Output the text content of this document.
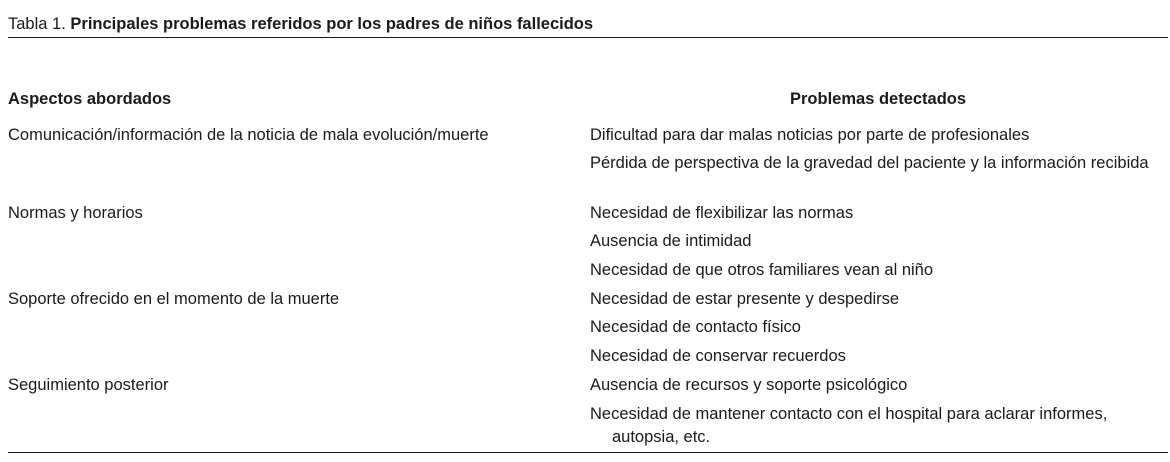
Tabla 1. Principales problemas referidos por los padres de niños fallecidos
Aspectos abordados	Problemas detectados
Comunicación/información de la noticia de mala evolución/muerte	Dificultad para dar malas noticias por parte de profesionales
Pérdida de perspectiva de la gravedad del paciente y la información recibida
Normas y horarios	Necesidad de flexibilizar las normas
Ausencia de intimidad
Necesidad de que otros familiares vean al niño
Soporte ofrecido en el momento de la muerte	Necesidad de estar presente y despedirse
Necesidad de contacto físico
Necesidad de conservar recuerdos
Seguimiento posterior	Ausencia de recursos y soporte psicológico
Necesidad de mantener contacto con el hospital para aclarar informes, autopsia, etc.
